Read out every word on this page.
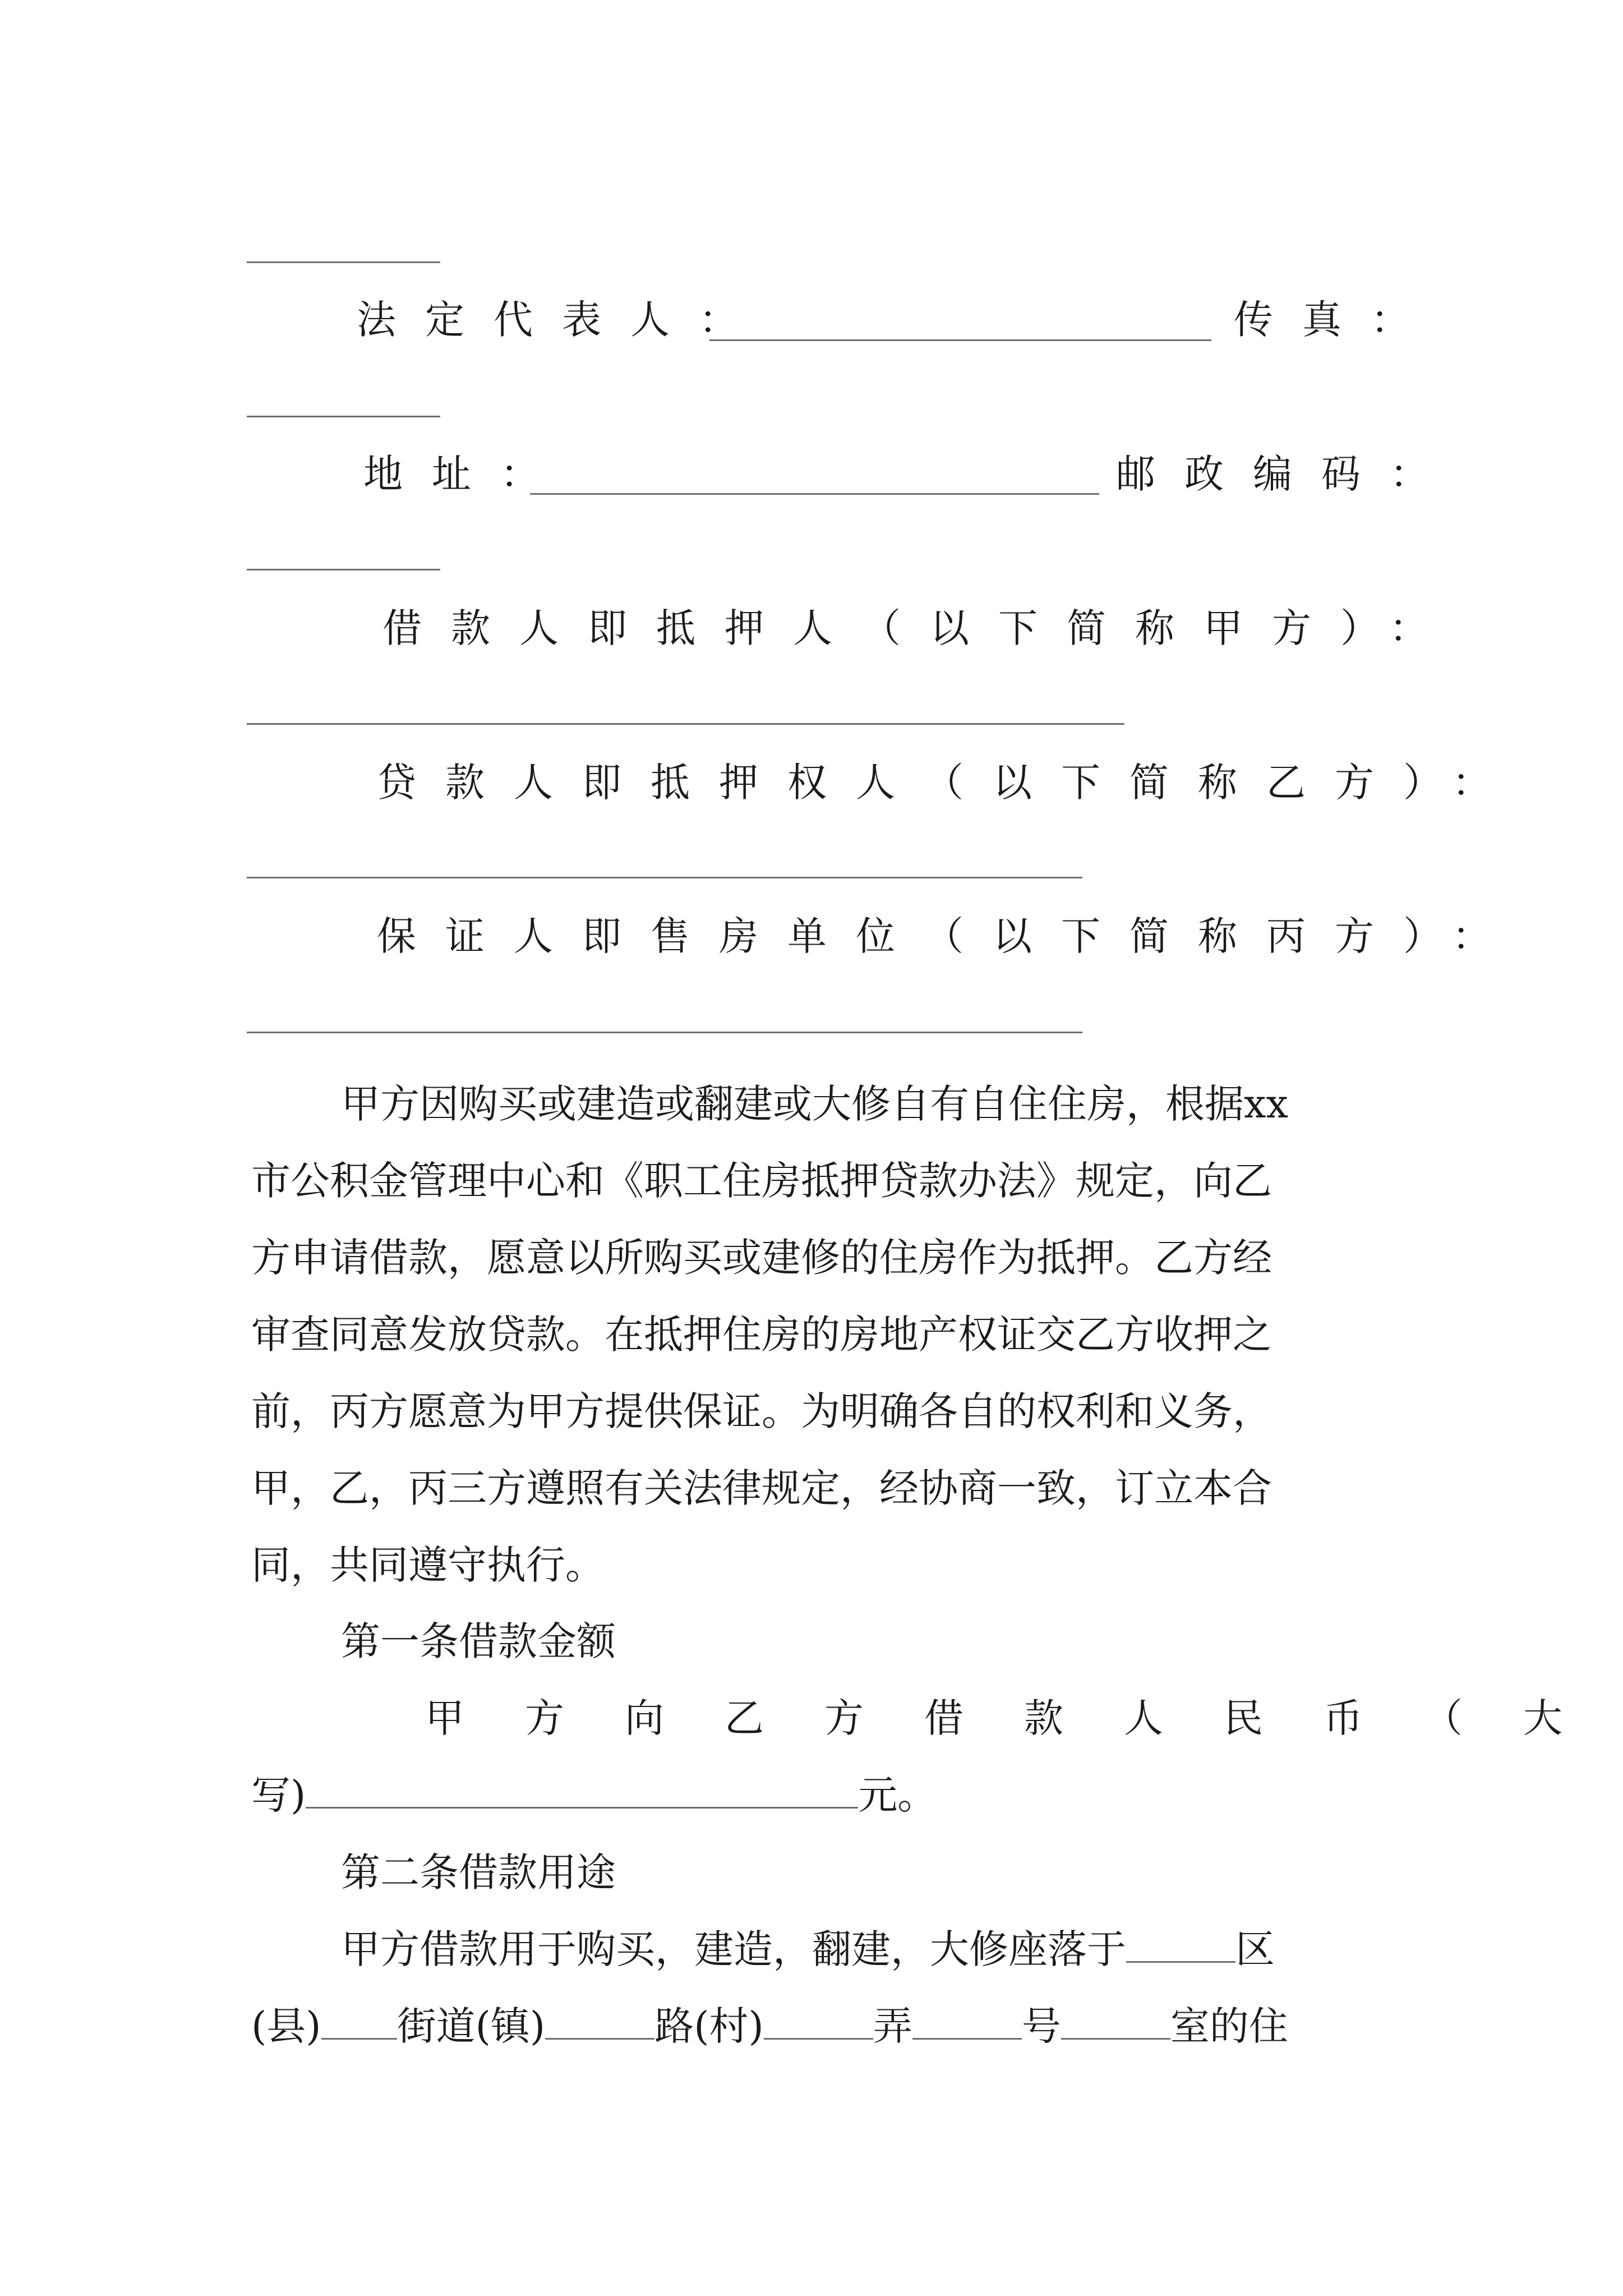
法定代表人：	传真：
地址：	邮政编码：
借款人即抵押人（以下简称甲方）：
贷款人即抵押权人（以下简称乙方）：
保证人即售房单位（以下简称丙方）：
甲方因购买或建造或翻建或大修自有自住住房，根据xx
市公积金管理中心和《职工住房抵押贷款办法》规定，向乙
方申请借款，愿意以所购买或建修的住房作为抵押。乙方经
审查同意发放贷款。在抵押住房的房地产权证交乙方收押之
前，丙方愿意为甲方提供保证。为明确各自的权利和义务，
甲，乙，丙三方遵照有关法律规定，经协商一致，订立本合
同，共同遵守执行。
第一条借款金额
甲方向乙方借款人民币（大
写)	元。
第二条借款用途
甲方借款用于购买，建造，翻建，大修座落于	区
(县) 街道(镇)	路(村)	弄	号	室的住
